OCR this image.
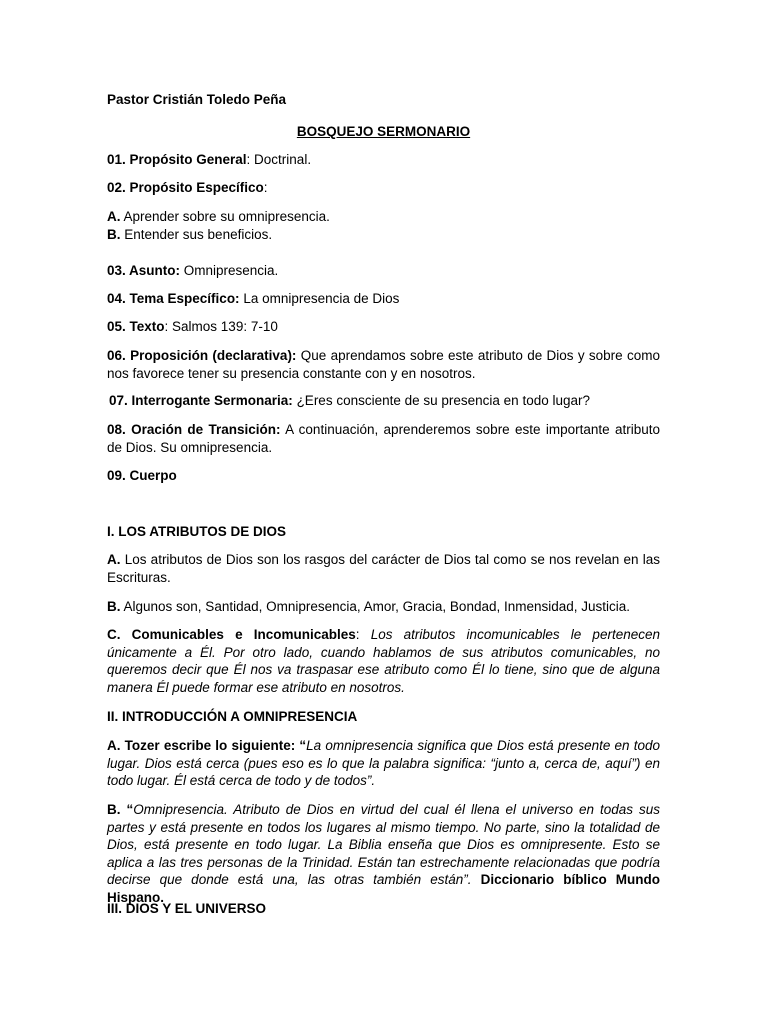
Pastor Cristián Toledo Peña

BOSQUEJO SERMONARIO

01. Propósito General: Doctrinal.

02. Propósito Específico:

A. Aprender sobre su omnipresencia.

B. Entender sus beneficios.

03. Asunto: Omnipresencia.

04. Tema Específico: La omnipresencia de Dios

05. Texto: Salmos 139: 7-10

06. Proposición (declarativa): Que aprendamos sobre este atributo de Dios y sobre como nos favorece tener su presencia constante con y en nosotros.

07. Interrogante Sermonaria: ¿Eres consciente de su presencia en todo lugar?

08. Oración de Transición: A continuación, aprenderemos sobre este importante atributo de Dios. Su omnipresencia.

09. Cuerpo

I. LOS ATRIBUTOS DE DIOS

A. Los atributos de Dios son los rasgos del carácter de Dios tal como se nos revelan en las Escrituras.

B. Algunos son, Santidad, Omnipresencia, Amor, Gracia, Bondad, Inmensidad, Justicia.

C. Comunicables e Incomunicables: Los atributos incomunicables le pertenecen únicamente a Él. Por otro lado, cuando hablamos de sus atributos comunicables, no queremos decir que Él nos va traspasar ese atributo como Él lo tiene, sino que de alguna manera Él puede formar ese atributo en nosotros.

II. INTRODUCCIÓN A OMNIPRESENCIA

A. Tozer escribe lo siguiente: “La omnipresencia significa que Dios está presente en todo lugar. Dios está cerca (pues eso es lo que la palabra significa: “junto a, cerca de, aquí”) en todo lugar. Él está cerca de todo y de todos”.

B. “Omnipresencia. Atributo de Dios en virtud del cual él llena el universo en todas sus partes y está presente en todos los lugares al mismo tiempo. No parte, sino la totalidad de Dios, está presente en todo lugar. La Biblia enseña que Dios es omnipresente. Esto se aplica a las tres personas de la Trinidad. Están tan estrechamente relacionadas que podría decirse que donde está una, las otras también están”. Diccionario bíblico Mundo Hispano.

III. DIOS Y EL UNIVERSO
